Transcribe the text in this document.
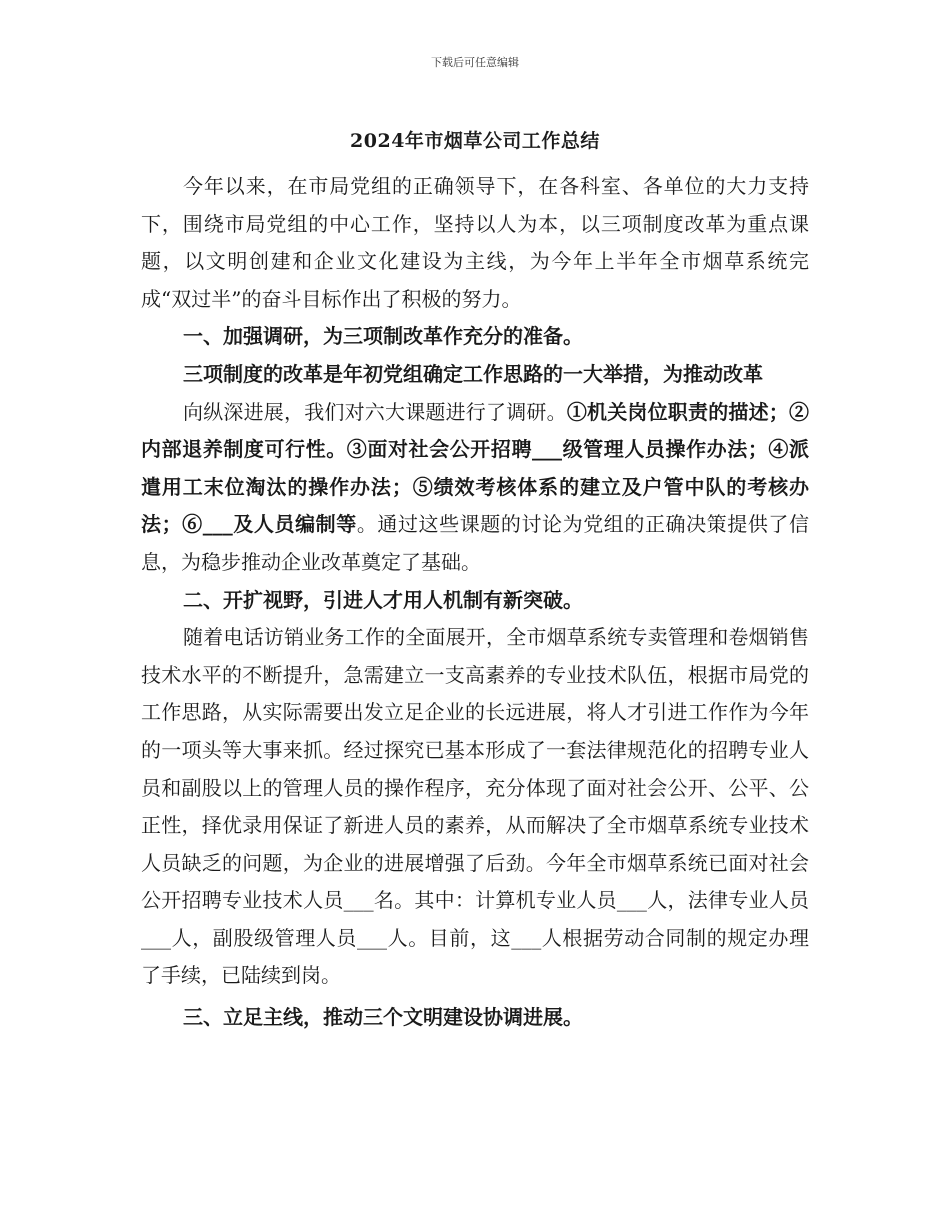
下载后可任意编辑
2024年市烟草公司工作总结

今年以来，在市局党组的正确领导下，在各科室、各单位的大力支持下，围绕市局党组的中心工作，坚持以人为本，以三项制度改革为重点课题，以文明创建和企业文化建设为主线，为今年上半年全市烟草系统完成“双过半”的奋斗目标作出了积极的努力。

一、加强调研，为三项制改革作充分的准备。

三项制度的改革是年初党组确定工作思路的一大举措，为推动改革

向纵深进展，我们对六大课题进行了调研。①机关岗位职责的描述；②内部退养制度可行性。③面对社会公开招聘___级管理人员操作办法；④派遣用工末位淘汰的操作办法；⑤绩效考核体系的建立及户管中队的考核办法；⑥___及人员编制等。通过这些课题的讨论为党组的正确决策提供了信息，为稳步推动企业改革奠定了基础。

二、开扩视野，引进人才用人机制有新突破。

随着电话访销业务工作的全面展开，全市烟草系统专卖管理和卷烟销售技术水平的不断提升，急需建立一支高素养的专业技术队伍，根据市局党的工作思路，从实际需要出发立足企业的长远进展，将人才引进工作作为今年的一项头等大事来抓。经过探究已基本形成了一套法律规范化的招聘专业人员和副股以上的管理人员的操作程序，充分体现了面对社会公开、公平、公正性，择优录用保证了新进人员的素养，从而解决了全市烟草系统专业技术人员缺乏的问题，为企业的进展增强了后劲。今年全市烟草系统已面对社会公开招聘专业技术人员___名。其中：计算机专业人员___人，法律专业人员___人，副股级管理人员___人。目前，这___人根据劳动合同制的规定办理了手续，已陆续到岗。

三、立足主线，推动三个文明建设协调进展。
